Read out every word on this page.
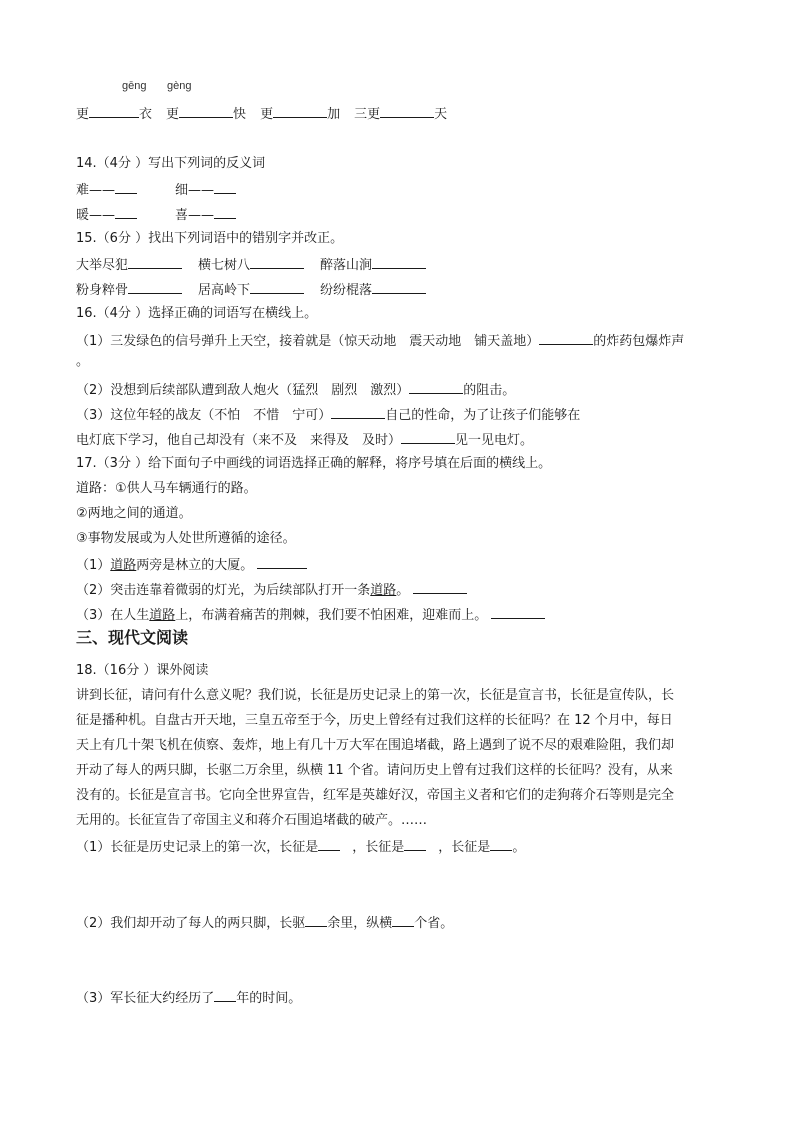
gēng gèng
更	衣 更	快 更	加 三更	天
14.（4分 ）写出下列词的反义词
难——	细——
暖——	喜——
15.（6分 ）找出下列词语中的错别字并改正。
大举尽犯	横七树八	醉落山涧
粉身粹骨	居高岭下	纷纷棍落
16.（4分 ）选择正确的词语写在横线上。
（1）三发绿色的信号弹升上天空，接着就是（惊天动地　震天动地　铺天盖地）	的炸药包爆炸声
。
（2）没想到后续部队遭到敌人炮火（猛烈　剧烈　激烈）	的阻击。
（3）这位年轻的战友（不怕　不惜　宁可）	自己的性命，为了让孩子们能够在
电灯底下学习，他自己却没有（来不及　来得及　及时）	见一见电灯。
17.（3分 ）给下面句子中画线的词语选择正确的解释，将序号填在后面的横线上。
道路：①供人马车辆通行的路。
②两地之间的通道。
③事物发展或为人处世所遵循的途径。
（1）道路两旁是林立的大厦。
（2）突击连靠着微弱的灯光，为后续部队打开一条道路。
（3）在人生道路上，布满着痛苦的荆棘，我们要不怕困难，迎难而上。
三、现代文阅读
18.（16分 ）课外阅读
讲到长征，请问有什么意义呢？我们说，长征是历史记录上的第一次，长征是宣言书，长征是宣传队，长
征是播种机。自盘古开天地，三皇五帝至于今，历史上曾经有过我们这样的长征吗？在 12 个月中，每日
天上有几十架飞机在侦察、轰炸，地上有几十万大军在围追堵截，路上遇到了说不尽的艰难险阻，我们却
开动了每人的两只脚，长驱二万余里，纵横 11 个省。请问历史上曾有过我们这样的长征吗？没有，从来
没有的。长征是宣言书。它向全世界宣告，红军是英雄好汉，帝国主义者和它们的走狗蒋介石等则是完全
无用的。长征宣告了帝国主义和蒋介石围追堵截的破产。……
（1）长征是历史记录上的第一次，长征是	，长征是	，长征是 。
（2）我们却开动了每人的两只脚，长驱 余里，纵横 个省。
（3）军长征大约经历了 年的时间。
